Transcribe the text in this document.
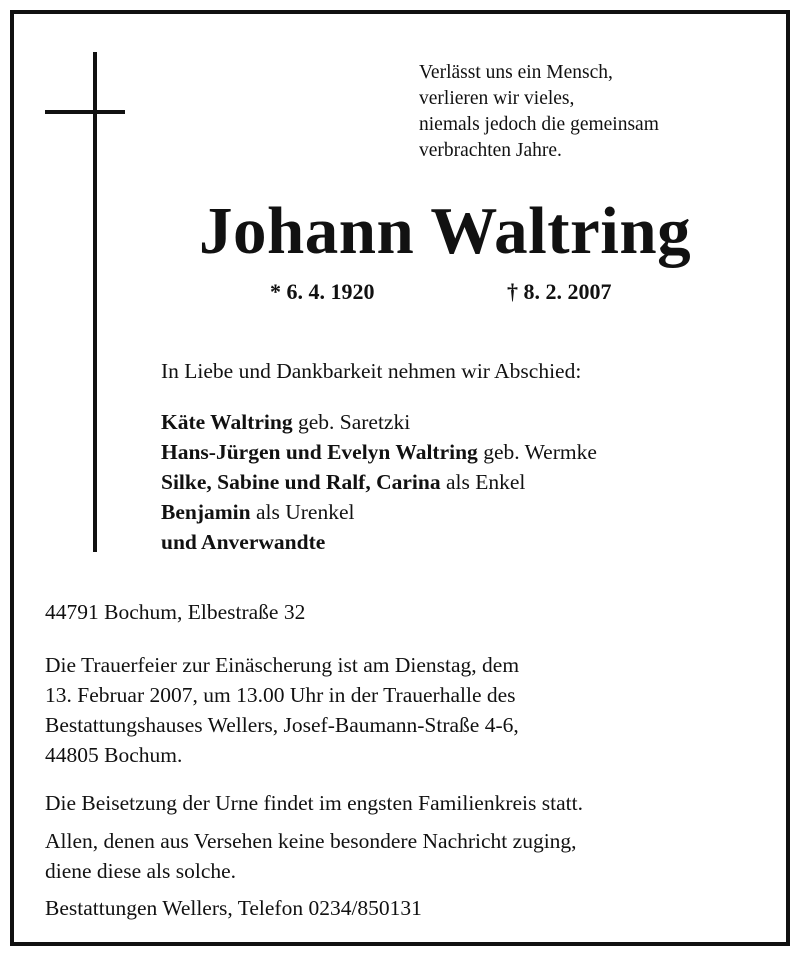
Verlässt uns ein Mensch,
verlieren wir vieles,
niemals jedoch die gemeinsam
verbrachten Jahre.
Johann Waltring
* 6. 4. 1920	† 8. 2. 2007
In Liebe und Dankbarkeit nehmen wir Abschied:
Käte Waltring geb. Saretzki
Hans-Jürgen und Evelyn Waltring geb. Wermke
Silke, Sabine und Ralf, Carina als Enkel
Benjamin als Urenkel
und Anverwandte
44791 Bochum, Elbestraße 32
Die Trauerfeier zur Einäscherung ist am Dienstag, dem
13. Februar 2007, um 13.00 Uhr in der Trauerhalle des
Bestattungshauses Wellers, Josef-Baumann-Straße 4-6,
44805 Bochum.
Die Beisetzung der Urne findet im engsten Familienkreis statt.
Allen, denen aus Versehen keine besondere Nachricht zuging,
diene diese als solche.
Bestattungen Wellers, Telefon 0234/850131
